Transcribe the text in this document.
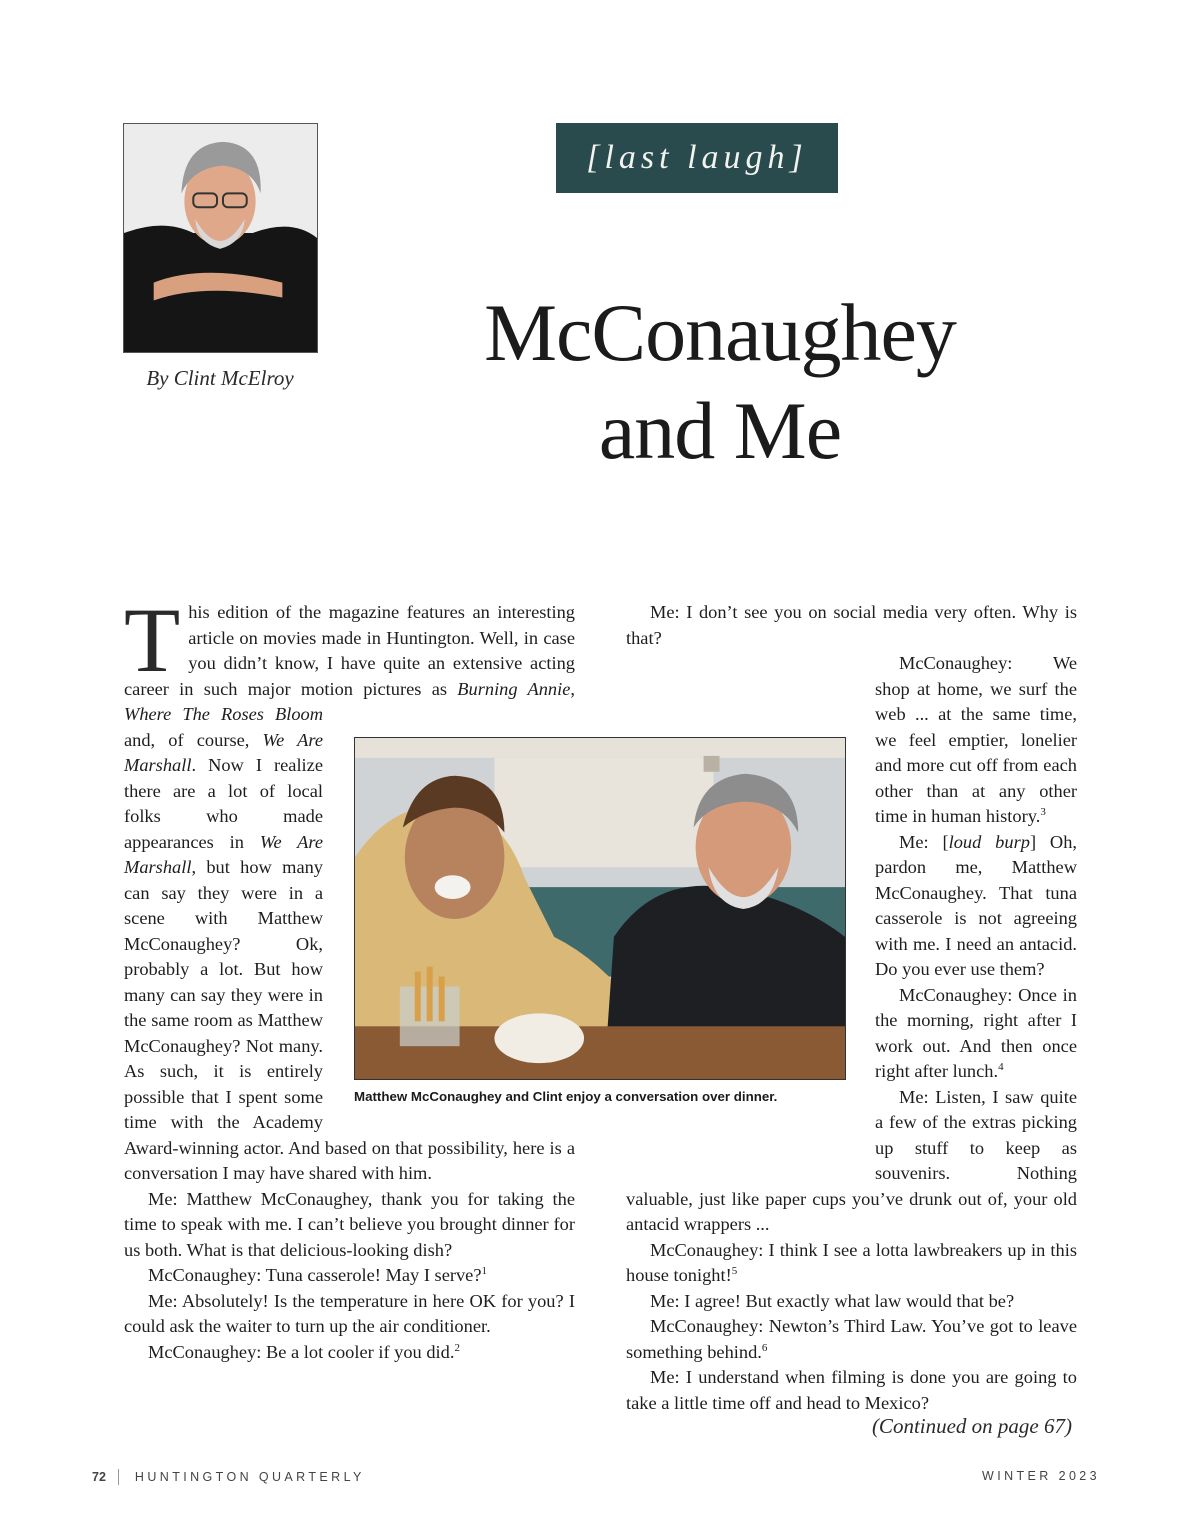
By Clint McElroy
[last laugh]
McConaughey
and Me

This edition of the magazine features an interesting article on movies made in Huntington. Well, in case you didn’t know, I have quite an extensive acting career in such major motion pictures as
Burning Annie, Where The Roses Bloom and, of course, We Are Marshall. Now I realize there are a lot of local folks who made appearances in We Are Marshall, but how many can say they were in a scene with Matthew McConaughey? Ok, probably a lot. But how many can say they were in the same room as Matthew McConaughey? Not many. As such, it is entirely possible that I spent some time with the Academy Award-winning actor. And based on that possibility, here is a conversation I may have shared with him.

Me: Matthew McConaughey, thank you for taking the time to speak with me. I can’t believe you brought dinner for us both. What is that delicious-looking dish?

McConaughey: Tuna casserole! May I serve?$^1$

Me: Absolutely! Is the temperature in here OK for you? I could ask the waiter to turn up the air conditioner.

McConaughey: Be a lot cooler if you did.$^2$

Me: I don’t see you on social media very often. Why is that?

McConaughey: We shop at home, we surf the web ... at the same time, we feel emptier, lonelier and more cut off from each other than at any other time in human history.$^3$

Me: [loud burp] Oh, pardon me, Matthew McConaughey. That tuna casserole is not agreeing with me. I need an antacid. Do you ever use them?

McConaughey: Once in the morning, right after I work out. And then once right after lunch.$^4$

Me: Listen, I saw quite a few of the extras picking up stuff to keep as souvenirs. Nothing valuable, just like paper cups you’ve drunk out of, your old antacid wrappers ...

McConaughey: I think I see a lotta lawbreakers up in this house tonight!$^5$

Me: I agree! But exactly what law would that be?

McConaughey: Newton’s Third Law. You’ve got to leave something behind.$^6$

Me: I understand when filming is done you are going to take a little time off and head to Mexico?

Matthew McConaughey and Clint enjoy a conversation over dinner.
(Continued on page 67)
72 HUNTINGTON QUARTERLY	WINTER 2023
